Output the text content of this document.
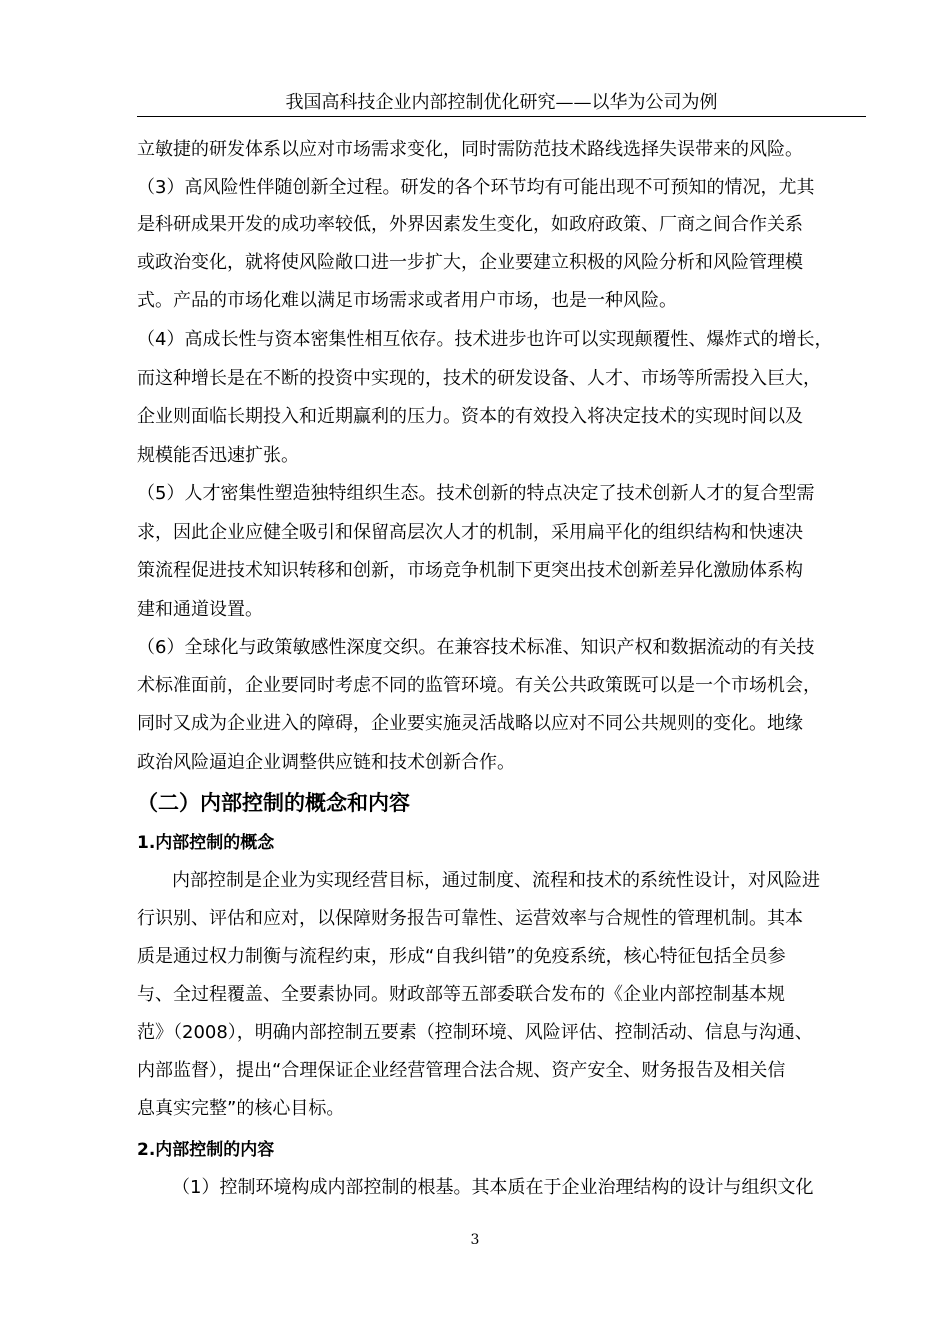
我国高科技企业内部控制优化研究——以华为公司为例
立敏捷的研发体系以应对市场需求变化，同时需防范技术路线选择失误带来的风险。
（3）高风险性伴随创新全过程。研发的各个环节均有可能出现不可预知的情况，尤其
是科研成果开发的成功率较低，外界因素发生变化，如政府政策、厂商之间合作关系
或政治变化，就将使风险敞口进一步扩大，企业要建立积极的风险分析和风险管理模
式。产品的市场化难以满足市场需求或者用户市场，也是一种风险。
（4）高成长性与资本密集性相互依存。技术进步也许可以实现颠覆性、爆炸式的增长，
而这种增长是在不断的投资中实现的，技术的研发设备、人才、市场等所需投入巨大，
企业则面临长期投入和近期赢利的压力。资本的有效投入将决定技术的实现时间以及
规模能否迅速扩张。
（5）人才密集性塑造独特组织生态。技术创新的特点决定了技术创新人才的复合型需
求，因此企业应健全吸引和保留高层次人才的机制，采用扁平化的组织结构和快速决
策流程促进技术知识转移和创新，市场竞争机制下更突出技术创新差异化激励体系构
建和通道设置。
（6）全球化与政策敏感性深度交织。在兼容技术标准、知识产权和数据流动的有关技
术标准面前，企业要同时考虑不同的监管环境。有关公共政策既可以是一个市场机会，
同时又成为企业进入的障碍，企业要实施灵活战略以应对不同公共规则的变化。地缘
政治风险逼迫企业调整供应链和技术创新合作。
（二）内部控制的概念和内容
1.内部控制的概念
内部控制是企业为实现经营目标，通过制度、流程和技术的系统性设计，对风险进
行识别、评估和应对，以保障财务报告可靠性、运营效率与合规性的管理机制。其本
质是通过权力制衡与流程约束，形成“自我纠错”的免疫系统，核心特征包括全员参
与、全过程覆盖、全要素协同。财政部等五部委联合发布的《企业内部控制基本规
范》（2008），明确内部控制五要素（控制环境、风险评估、控制活动、信息与沟通、
内部监督），提出“合理保证企业经营管理合法合规、资产安全、财务报告及相关信
息真实完整”的核心目标。
2.内部控制的内容
（1）控制环境构成内部控制的根基。其本质在于企业治理结构的设计与组织文化
3
